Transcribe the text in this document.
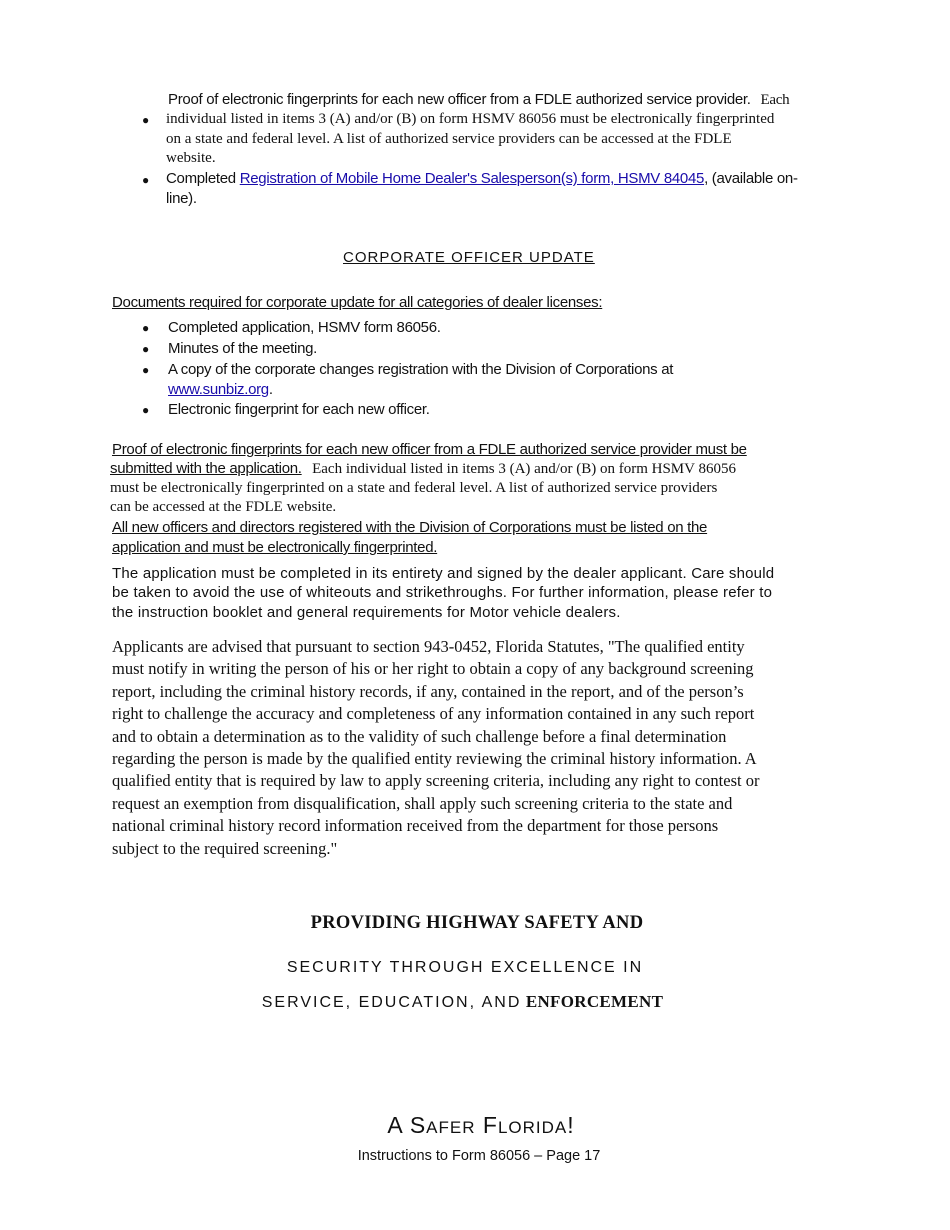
Proof of electronic fingerprints for each new officer from a FDLE authorized service provider. Each
● individual listed in items 3 (A) and/or (B) on form HSMV 86056 must be electronically fingerprinted
on a state and federal level. A list of authorized service providers can be accessed at the FDLE
website.
● Completed Registration of Mobile Home Dealer's Salesperson(s) form, HSMV 84045, (available on-
line).
CORPORATE OFFICER UPDATE
Documents required for corporate update for all categories of dealer licenses:
● Completed application, HSMV form 86056.
● Minutes of the meeting.
● A copy of the corporate changes registration with the Division of Corporations at
www.sunbiz.org.
● Electronic fingerprint for each new officer.
Proof of electronic fingerprints for each new officer from a FDLE authorized service provider must be
submitted with the application. Each individual listed in items 3 (A) and/or (B) on form HSMV 86056
must be electronically fingerprinted on a state and federal level. A list of authorized service providers
can be accessed at the FDLE website.
All new officers and directors registered with the Division of Corporations must be listed on the
application and must be electronically fingerprinted.
The application must be completed in its entirety and signed by the dealer applicant. Care should
be taken to avoid the use of whiteouts and strikethroughs. For further information, please refer to
the instruction booklet and general requirements for Motor vehicle dealers.
Applicants are advised that pursuant to section 943-0452, Florida Statutes, "The qualified entity
must notify in writing the person of his or her right to obtain a copy of any background screening
report, including the criminal history records, if any, contained in the report, and of the person’s
right to challenge the accuracy and completeness of any information contained in any such report
and to obtain a determination as to the validity of such challenge before a final determination
regarding the person is made by the qualified entity reviewing the criminal history information. A
qualified entity that is required by law to apply screening criteria, including any right to contest or
request an exemption from disqualification, shall apply such screening criteria to the state and
national criminal history record information received from the department for those persons
subject to the required screening."
PROVIDING HIGHWAY SAFETY AND
SECURITY THROUGH EXCELLENCE IN
SERVICE, EDUCATION, AND ENFORCEMENT
A SAFER FLORIDA!
Instructions to Form 86056 – Page 17
